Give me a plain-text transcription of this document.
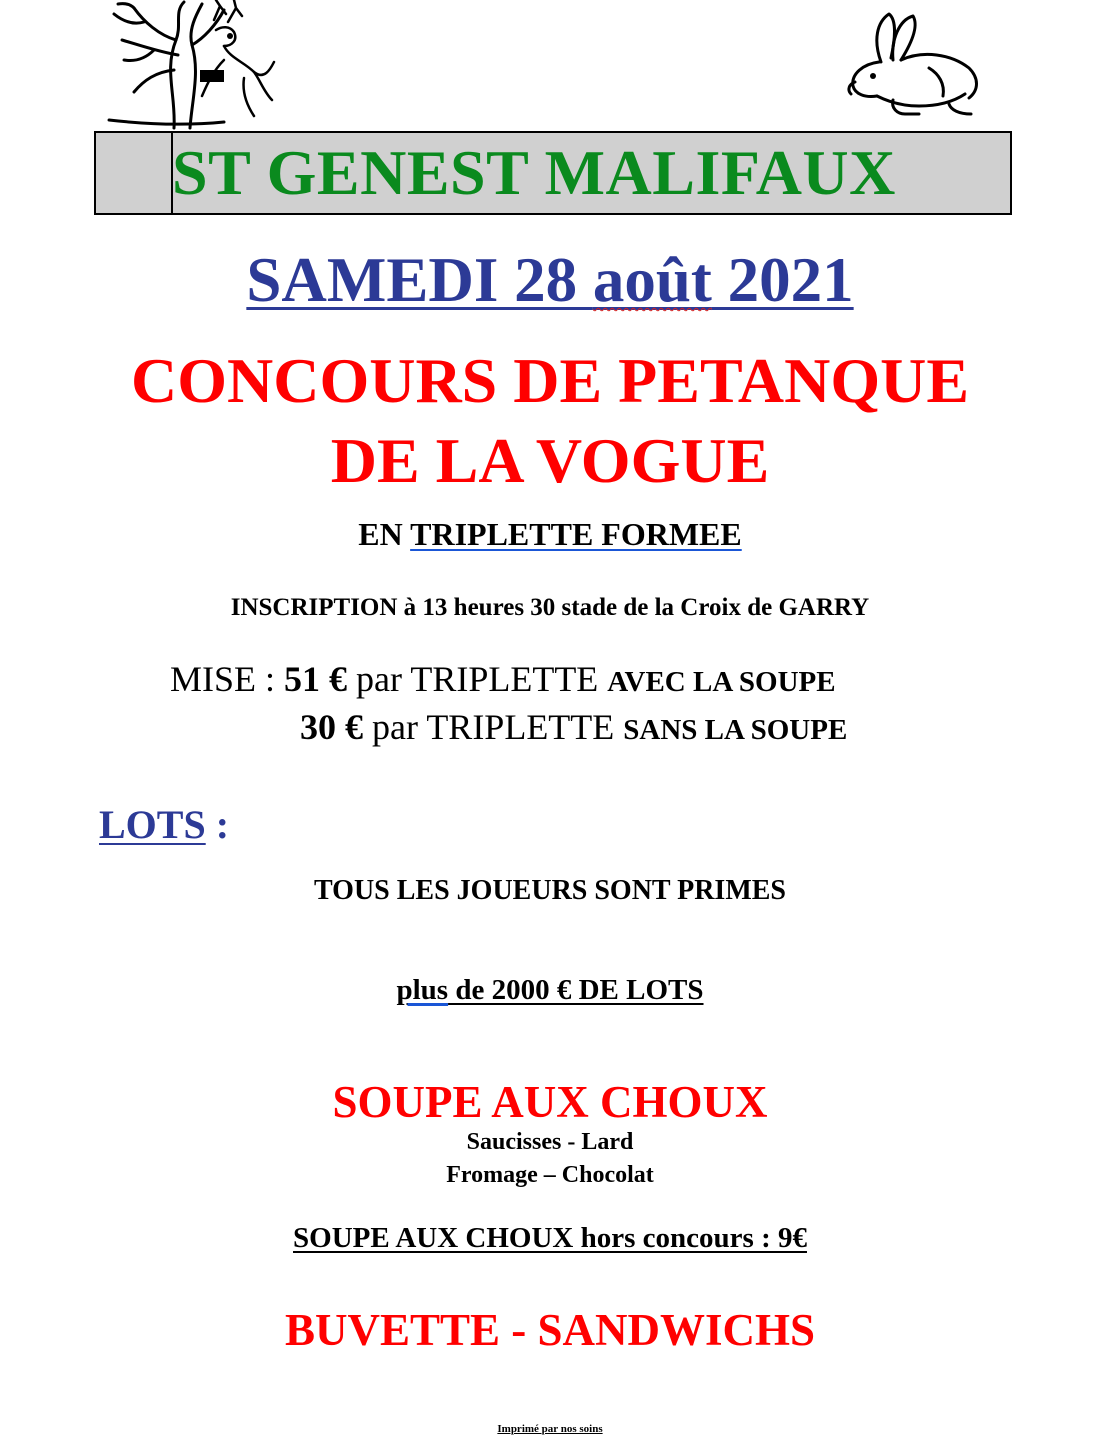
ST GENEST MALIFAUX
SAMEDI 28 août 2021
CONCOURS DE PETANQUE
DE LA VOGUE
EN TRIPLETTE FORMEE
INSCRIPTION à 13 heures 30 stade de la Croix de GARRY
MISE : 51 € par TRIPLETTE AVEC LA SOUPE
30 € par TRIPLETTE SANS LA SOUPE
LOTS :
TOUS LES JOUEURS SONT PRIMES
plus de 2000 € DE LOTS
SOUPE AUX CHOUX
Saucisses - Lard
Fromage – Chocolat
SOUPE AUX CHOUX hors concours : 9€
BUVETTE - SANDWICHS
Imprimé par nos soins
